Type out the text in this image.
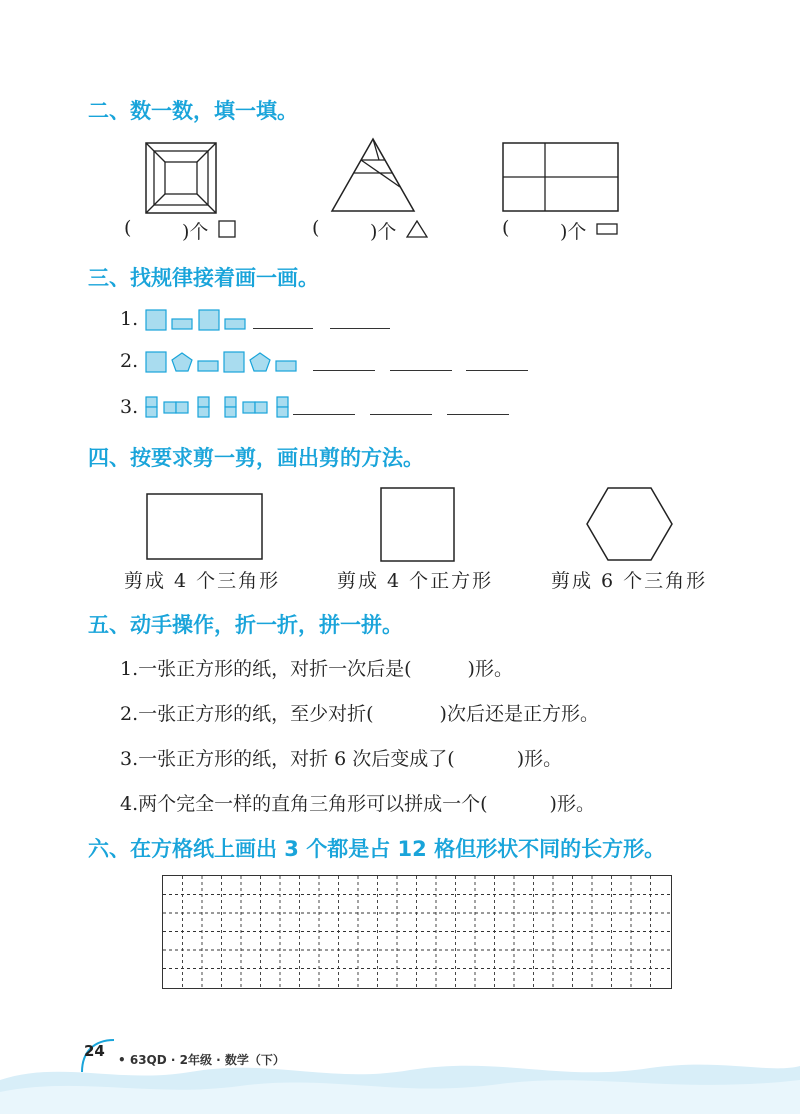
二、数一数，填一填。
(	)个	(	)个	(	)个
三、找规律接着画一画。
1.
2.
3.
四、按要求剪一剪，画出剪的方法。
剪成 4 个三角形	剪成 4 个正方形	剪成 6 个三角形
五、动手操作，折一折，拼一拼。
1.一张正方形的纸，对折一次后是(	)形。
2.一张正方形的纸，至少对折(	)次后还是正方形。
3.一张正方形的纸，对折 6 次后变成了(	)形。
4.两个完全一样的直角三角形可以拼成一个(	)形。
六、在方格纸上画出 3 个都是占 12 格但形状不同的长方形。
24 • 63QD · 2年级 · 数学（下）
